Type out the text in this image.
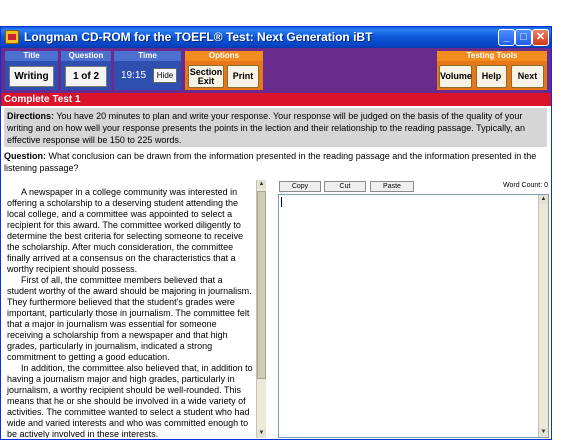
Longman CD-ROM for the TOEFL® Test: Next Generation iBT	_ □ ✕
Title
Writing
Question
1 of 2
Time
19:15	Hide
Options
Section
Exit	Print
Testing Tools
Volume	Help	Next
Complete Test 1
Directions: You have 20 minutes to plan and write your response. Your response will be judged on the basis of the quality of your writing and on how well your response presents the points in the lection and their relationship to the reading passage. Typically, an effective response will be 150 to 225 words.
Question: What conclusion can be drawn from the information presented in the reading passage and the information presented in the listening passage?

A newspaper in a college community was interested in offering a scholarship to a deserving student attending the local college, and a committee was appointed to select a recipient for this award. The committee worked diligently to determine the best criteria for selecting someone to receive the scholarship. After much consideration, the committee finally arrived at a consensus on the characteristics that a worthy recipient should possess.

First of all, the committee members believed that a student worthy of the award should be majoring in journalism. They furthermore believed that the student's grades were important, particularly those in journalism. The committee felt that a major in journalism was essential for someone receiving a scholarship from a newspaper and that high grades, particularly in journalism, indicated a strong commitment to getting a good education.

In addition, the committee also believed that, in addition to having a journalism major and high grades, particularly in journalism, a worthy recipient should be well-rounded. This means that he or she should be involved in a wide variety of activities. The committee wanted to select a student who had wide and varied interests and who was committed enough to be actively involved in these interests.

▲
▼
Copy	Cut	Paste	Word Count: 0
▲
▼
